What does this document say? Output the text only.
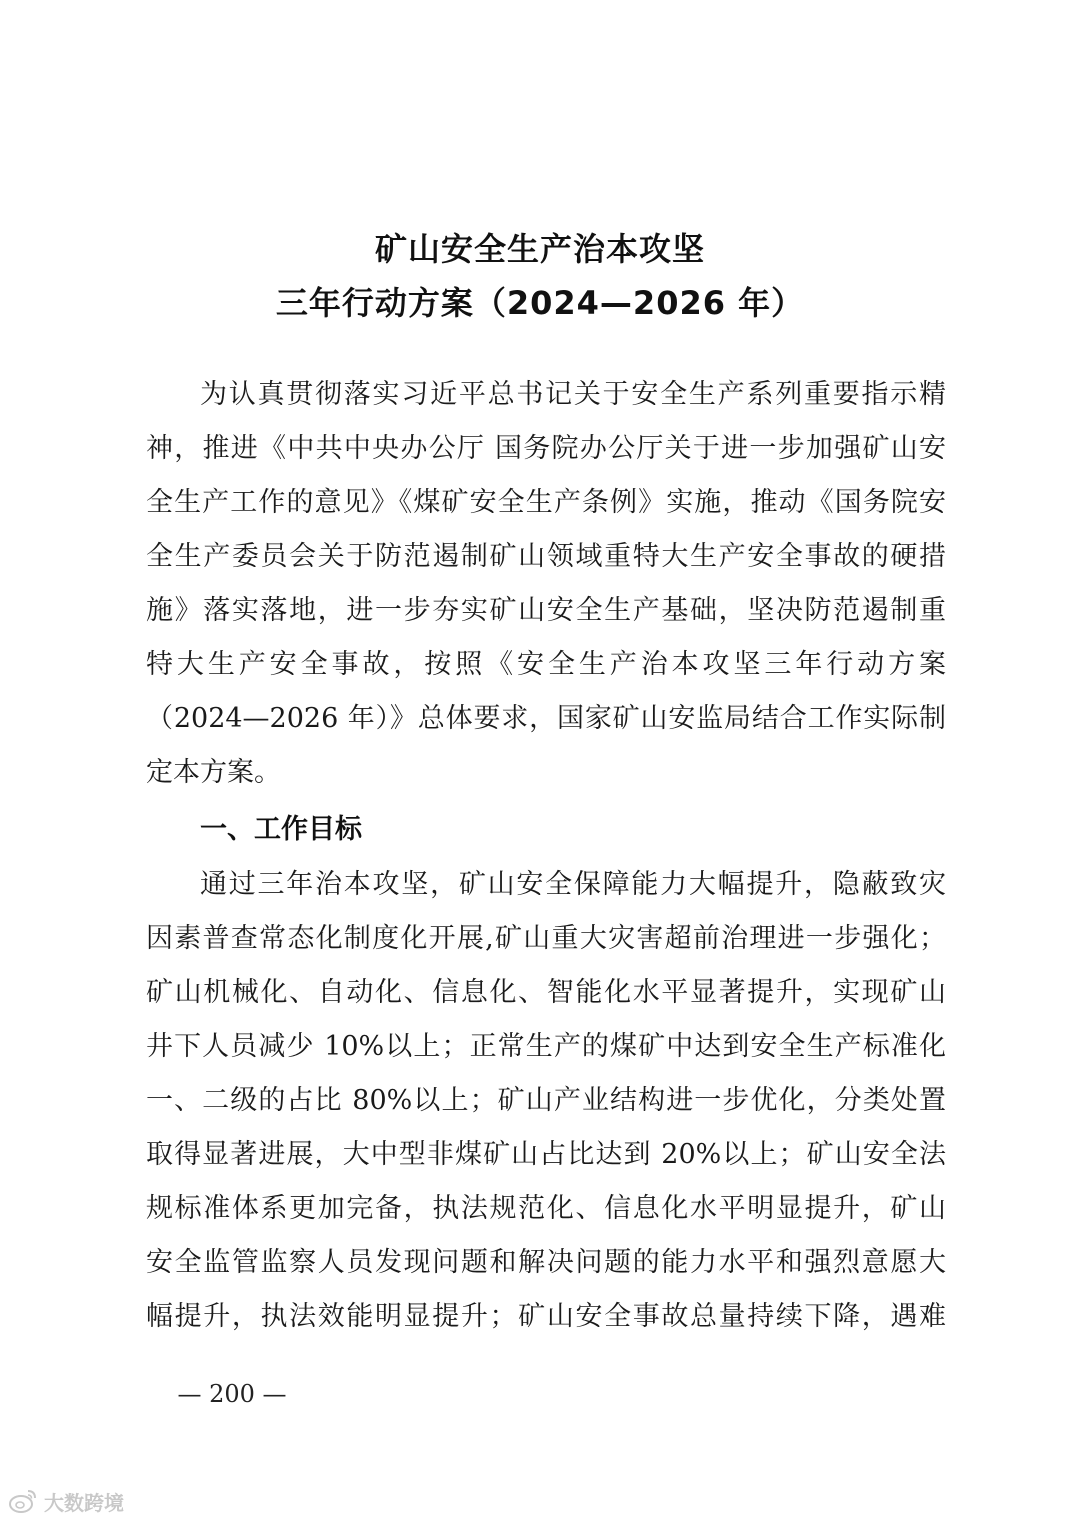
矿山安全生产治本攻坚
三年行动方案（2024—2026 年）
为认真贯彻落实习近平总书记关于安全生产系列重要指示精
神，推进《中共中央办公厅 国务院办公厅关于进一步加强矿山安
全生产工作的意见》《煤矿安全生产条例》实施，推动《国务院安
全生产委员会关于防范遏制矿山领域重特大生产安全事故的硬措
施》落实落地，进一步夯实矿山安全生产基础，坚决防范遏制重
特大生产安全事故，按照《安全生产治本攻坚三年行动方案
（2024—2026 年）》总体要求，国家矿山安监局结合工作实际制
定本方案。
一、工作目标
通过三年治本攻坚，矿山安全保障能力大幅提升，隐蔽致灾
因素普查常态化制度化开展,矿山重大灾害超前治理进一步强化；
矿山机械化、自动化、信息化、智能化水平显著提升，实现矿山
井下人员减少 10%以上；正常生产的煤矿中达到安全生产标准化
一、二级的占比 80%以上；矿山产业结构进一步优化，分类处置
取得显著进展，大中型非煤矿山占比达到 20%以上；矿山安全法
规标准体系更加完备，执法规范化、信息化水平明显提升，矿山
安全监管监察人员发现问题和解决问题的能力水平和强烈意愿大
幅提升，执法效能明显提升；矿山安全事故总量持续下降，遇难
— 200 —
大数跨境
